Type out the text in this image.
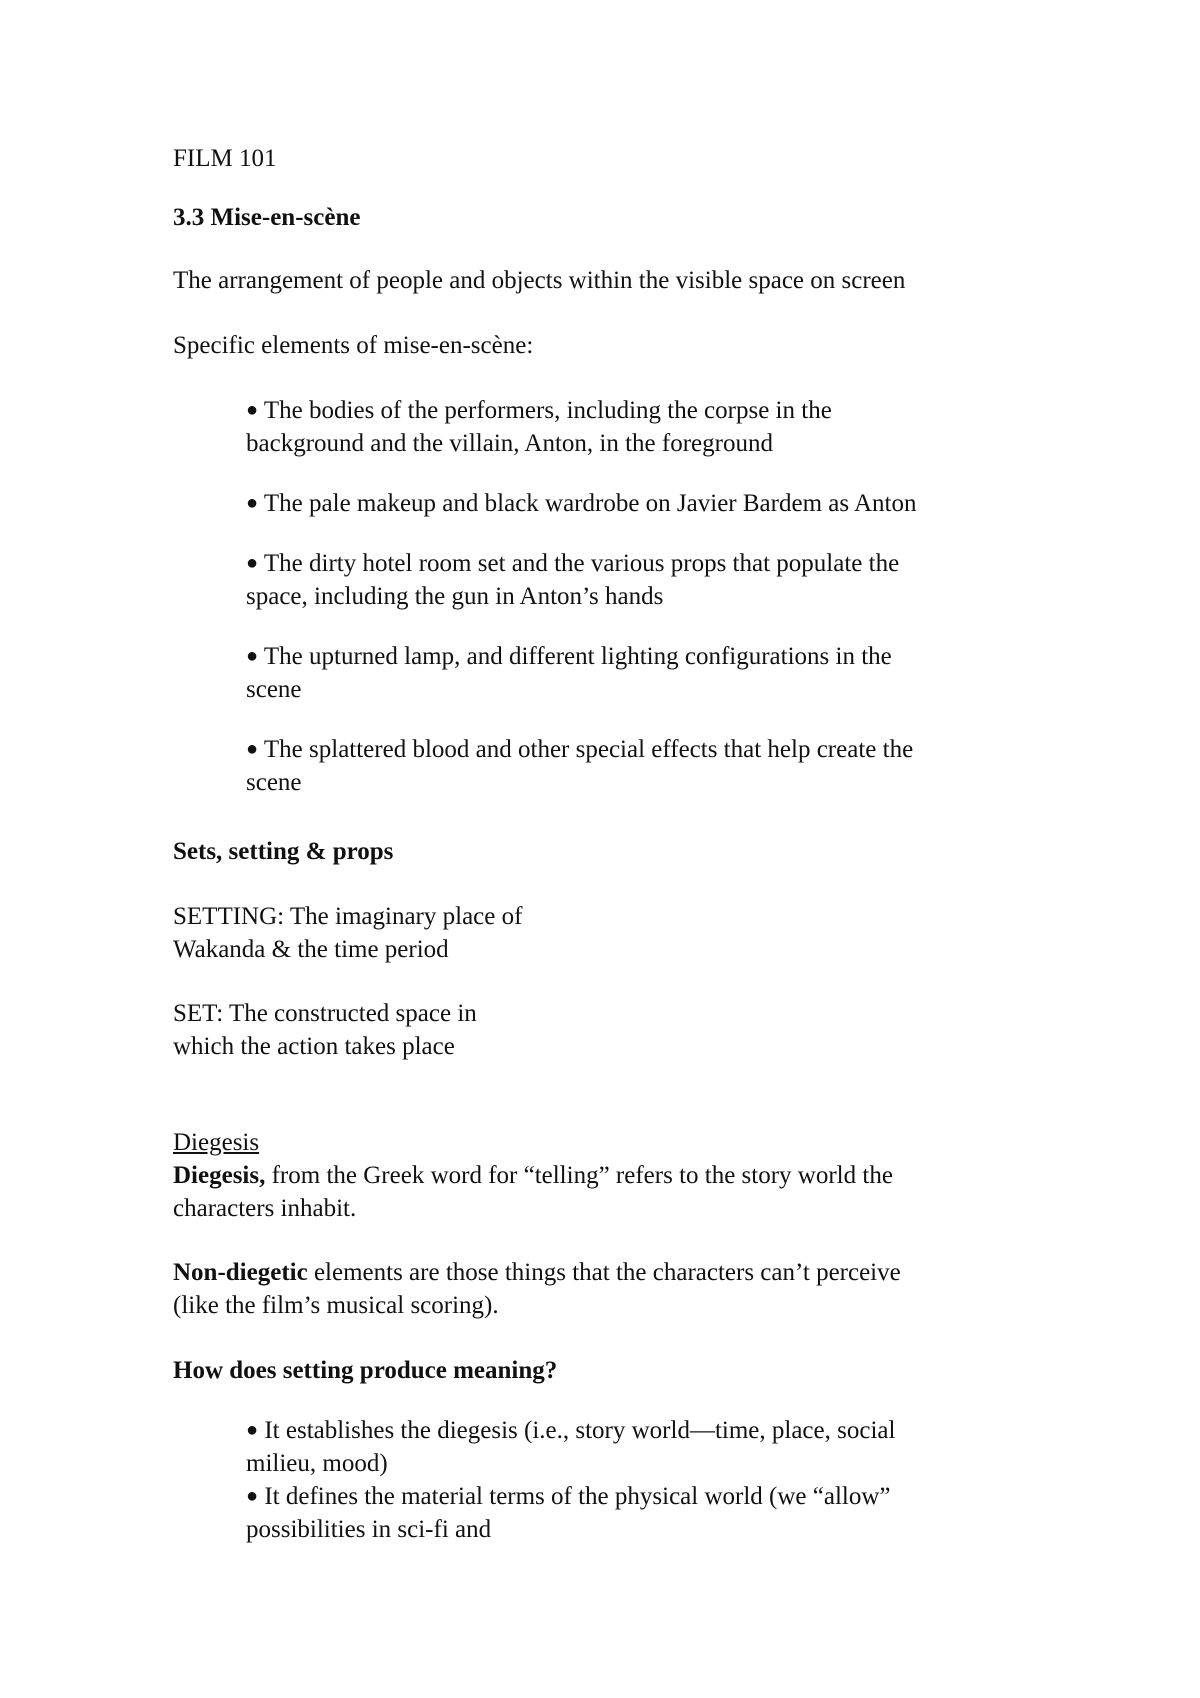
FILM 101

3.3 Mise-en-scène

The arrangement of people and objects within the visible space on screen

Specific elements of mise-en-scène:

● The bodies of the performers, including the corpse in the
background and the villain, Anton, in the foreground
● The pale makeup and black wardrobe on Javier Bardem as Anton
● The dirty hotel room set and the various props that populate the
space, including the gun in Anton’s hands
● The upturned lamp, and different lighting configurations in the
scene
● The splattered blood and other special effects that help create the
scene

Sets, setting & props

SETTING: The imaginary place of
Wakanda & the time period
SET: The constructed space in
which the action takes place

Diegesis

Diegesis, from the Greek word for “telling” refers to the story world the
characters inhabit.
Non-diegetic elements are those things that the characters can’t perceive
(like the film’s musical scoring).

How does setting produce meaning?

● It establishes the diegesis (i.e., story world—time, place, social
milieu, mood)
● It defines the material terms of the physical world (we “allow”
possibilities in sci-fi and
